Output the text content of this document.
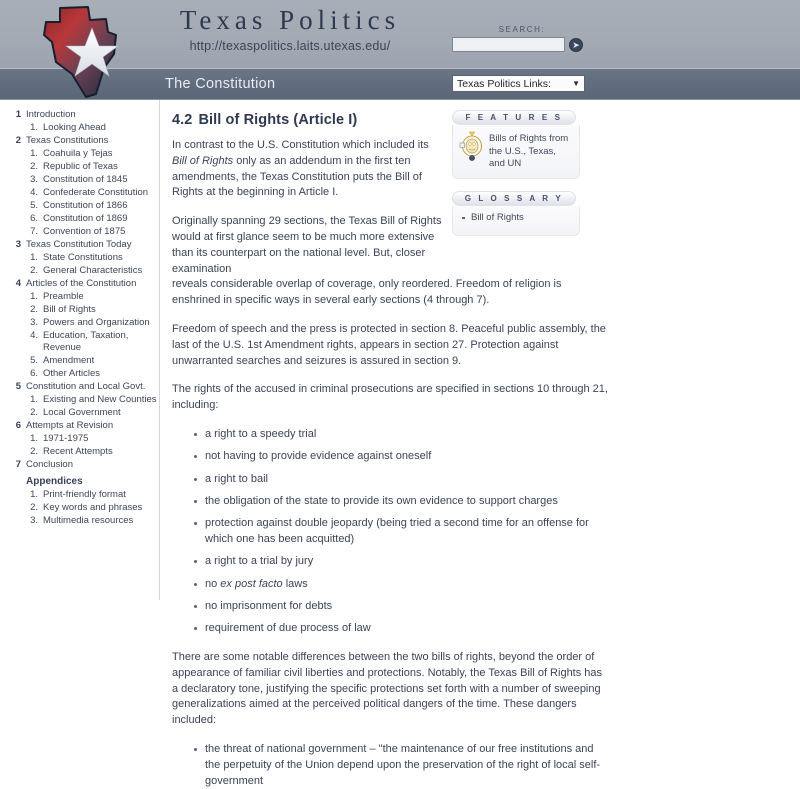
Texas Politics
http://texaspolitics.laits.utexas.edu/
SEARCH:
➤
The Constitution	Texas Politics Links:	▼
1 Introduction
1. Looking Ahead
2 Texas Constitutions
1. Coahuila y Tejas
2. Republic of Texas
3. Constitution of 1845
4. Confederate Constitution
5. Constitution of 1866
6. Constitution of 1869
7. Convention of 1875
3 Texas Constitution Today
1. State Constitutions
2. General Characteristics
4 Articles of the Constitution
1. Preamble
2. Bill of Rights
3. Powers and Organization
4. Education, Taxation, Revenue
5. Amendment
6. Other Articles
5 Constitution and Local Govt.
1. Existing and New Counties
2. Local Government
6 Attempts at Revision
1. 1971-1975
2. Recent Attempts
7 Conclusion
Appendices
1. Print-friendly format
2. Key words and phrases
3. Multimedia resources
4.2 Bill of Rights (Article I)

In contrast to the U.S. Constitution which included its Bill of Rights only as an addendum in the first ten amendments, the Texas Constitution puts the Bill of Rights at the beginning in Article I.

Originally spanning 29 sections, the Texas Bill of Rights would at first glance seem to be much more extensive than its counterpart on the national level. But, closer examination
reveals considerable overlap of coverage, only reordered. Freedom of religion is enshrined in specific ways in several early sections (4 through 7).

Freedom of speech and the press is protected in section 8. Peaceful public assembly, the last of the U.S. 1st Amendment rights, appears in section 27. Protection against unwarranted searches and seizures is assured in section 9.

The rights of the accused in criminal prosecutions are specified in sections 10 through 21, including:

a right to a speedy trial
not having to provide evidence against oneself
a right to bail
the obligation of the state to provide its own evidence to support charges
protection against double jeopardy (being tried a second time for an offense for which one has been acquitted)
a right to a trial by jury
no ex post facto laws
no imprisonment for debts
requirement of due process of law

There are some notable differences between the two bills of rights, beyond the order of appearance of familiar civil liberties and protections. Notably, the Texas Bill of Rights has a declaratory tone, justifying the specific protections set forth with a number of sweeping generalizations aimed at the perceived political dangers of the time. These dangers included:

the threat of national government – "the maintenance of our free institutions and the perpetuity of the Union depend upon the preservation of the right of local self-government
F E A T U R E S
Bills of Rights from the U.S., Texas, and UN
G L O S S A R Y
Bill of Rights
